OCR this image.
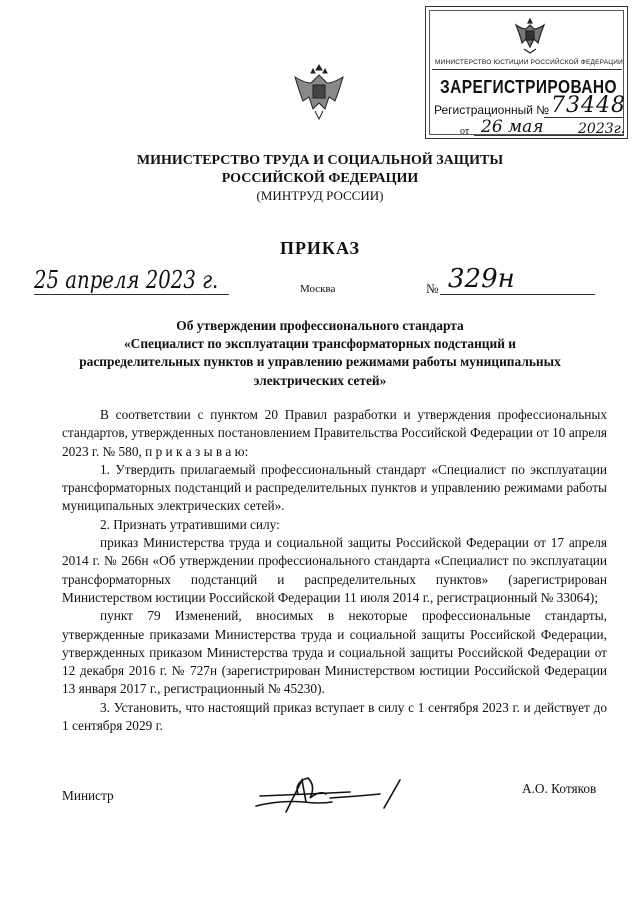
МИНИСТЕРСТВО ЮСТИЦИИ РОССИЙСКОЙ ФЕДЕРАЦИИ
ЗАРЕГИСТРИРОВАНО
Регистрационный № 73448
от 26 мая 2023г.
МИНИСТЕРСТВО ТРУДА И СОЦИАЛЬНОЙ ЗАЩИТЫ
РОССИЙСКОЙ ФЕДЕРАЦИИ
(МИНТРУД РОССИИ)
ПРИКАЗ
25 апреля 2023 г.	Москва	№ 329н
Об утверждении профессионального стандарта
«Специалист по эксплуатации трансформаторных подстанций и
распределительных пунктов и управлению режимами работы муниципальных
электрических сетей»

В соответствии с пунктом 20 Правил разработки и утверждения профессиональных стандартов, утвержденных постановлением Правительства Российской Федерации от 10 апреля 2023 г. № 580, п р и к а з ы в а ю:

1. Утвердить прилагаемый профессиональный стандарт «Специалист по эксплуатации трансформаторных подстанций и распределительных пунктов и управлению режимами работы муниципальных электрических сетей».

2. Признать утратившими силу:

приказ Министерства труда и социальной защиты Российской Федерации от 17 апреля 2014 г. № 266н «Об утверждении профессионального стандарта «Специалист по эксплуатации трансформаторных подстанций и распределительных пунктов» (зарегистрирован Министерством юстиции Российской Федерации 11 июля 2014 г., регистрационный № 33064);

пункт 79 Изменений, вносимых в некоторые профессиональные стандарты, утвержденные приказами Министерства труда и социальной защиты Российской Федерации, утвержденных приказом Министерства труда и социальной защиты Российской Федерации от 12 декабря 2016 г. № 727н (зарегистрирован Министерством юстиции Российской Федерации 13 января 2017 г., регистрационный № 45230).

3. Установить, что настоящий приказ вступает в силу с 1 сентября 2023 г. и действует до 1 сентября 2029 г.

Министр	А.О. Котяков
